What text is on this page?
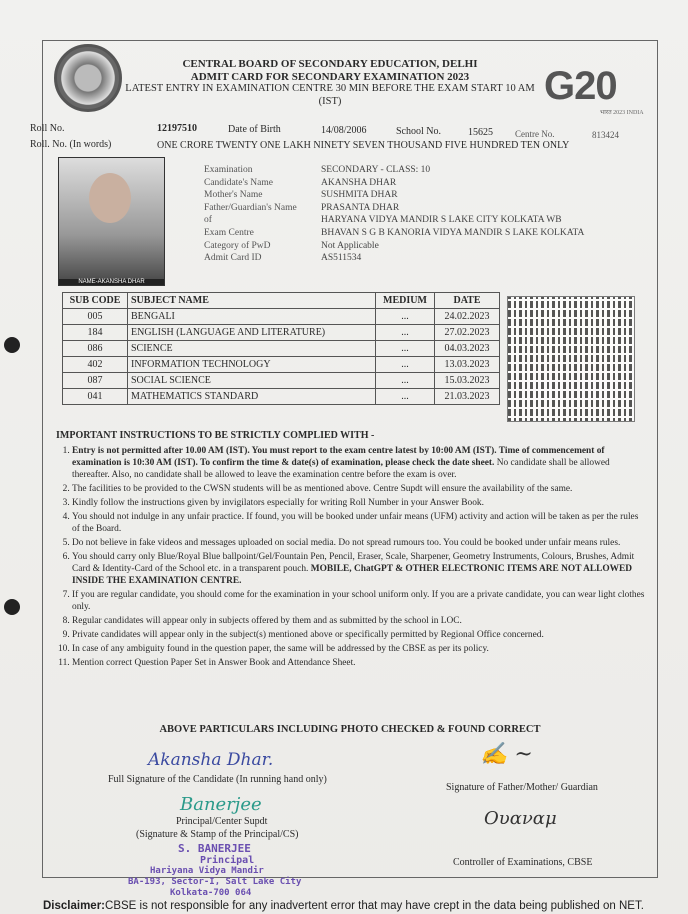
CENTRAL BOARD OF SECONDARY EDUCATION, DELHI
ADMIT CARD FOR SECONDARY EXAMINATION 2023
LATEST ENTRY IN EXAMINATION CENTRE 30 MIN BEFORE THE EXAM START 10 AM
(IST)	G20
भारत 2023 INDIA
Roll No.	12197510	Date of Birth	14/08/2006	School No.	15625 Centre No.	813424
Roll. No. (In words)	ONE CRORE TWENTY ONE LAKH NINETY SEVEN THOUSAND FIVE HUNDRED TEN ONLY
NAME-AKANSHA DHAR
Examination	SECONDARY - CLASS: 10
Candidate's Name	AKANSHA DHAR
Mother's Name	SUSHMITA DHAR
Father/Guardian's Name	PRASANTA DHAR
of	HARYANA VIDYA MANDIR S LAKE CITY KOLKATA WB
Exam Centre	BHAVAN S G B KANORIA VIDYA MANDIR S LAKE KOLKATA
Category of PwD	Not Applicable
Admit Card ID	AS511534
SUB CODE	SUBJECT NAME	MEDIUM	DATE
005	BENGALI	...	24.02.2023
184	ENGLISH (LANGUAGE AND LITERATURE)	...	27.02.2023
086	SCIENCE	...	04.03.2023
402	INFORMATION TECHNOLOGY	...	13.03.2023
087	SOCIAL SCIENCE	...	15.03.2023
041	MATHEMATICS STANDARD	...	21.03.2023
IMPORTANT INSTRUCTIONS TO BE STRICTLY COMPLIED WITH -
1. Entry is not permitted after 10.00 AM (IST). You must report to the exam centre latest by 10:00 AM (IST). Time of commencement of examination is 10:30 AM (IST). To confirm the time & date(s) of examination, please check the date sheet. No candidate shall be allowed thereafter. Also, no candidate shall be allowed to leave the examination centre before the exam is over.
2. The facilities to be provided to the CWSN students will be as mentioned above. Centre Supdt will ensure the availability of the same.
3. Kindly follow the instructions given by invigilators especially for writing Roll Number in your Answer Book.
4. You should not indulge in any unfair practice. If found, you will be booked under unfair means (UFM) activity and action will be taken as per the rules of the Board.
5. Do not believe in fake videos and messages uploaded on social media. Do not spread rumours too. You could be booked under unfair means rules.
6. You should carry only Blue/Royal Blue ballpoint/Gel/Fountain Pen, Pencil, Eraser, Scale, Sharpener, Geometry Instruments, Colours, Brushes, Admit Card & Identity-Card of the School etc. in a transparent pouch. MOBILE, ChatGPT & OTHER ELECTRONIC ITEMS ARE NOT ALLOWED INSIDE THE EXAMINATION CENTRE.
7. If you are regular candidate, you should come for the examination in your school uniform only. If you are a private candidate, you can wear light clothes only.
8. Regular candidates will appear only in subjects offered by them and as submitted by the school in LOC.
9. Private candidates will appear only in the subject(s) mentioned above or specifically permitted by Regional Office concerned.
10. In case of any ambiguity found in the question paper, the same will be addressed by the CBSE as per its policy.
11. Mention correct Question Paper Set in Answer Book and Attendance Sheet.
ABOVE PARTICULARS INCLUDING PHOTO CHECKED & FOUND CORRECT
Akansha Dhar.
Full Signature of the Candidate (In running hand only)
✍ ~
Signature of Father/Mother/ Guardian
Banerjee
Principal/Center Supdt
(Signature & Stamp of the Principal/CS)
Oυαναμ
Controller of Examinations, CBSE
S. BANERJEE
Principal
Hariyana Vidya Mandir
BA-193, Sector-I, Salt Lake City
Kolkata-700 064
Disclaimer:CBSE is not responsible for any inadvertent error that may have crept in the data being published on NET.
